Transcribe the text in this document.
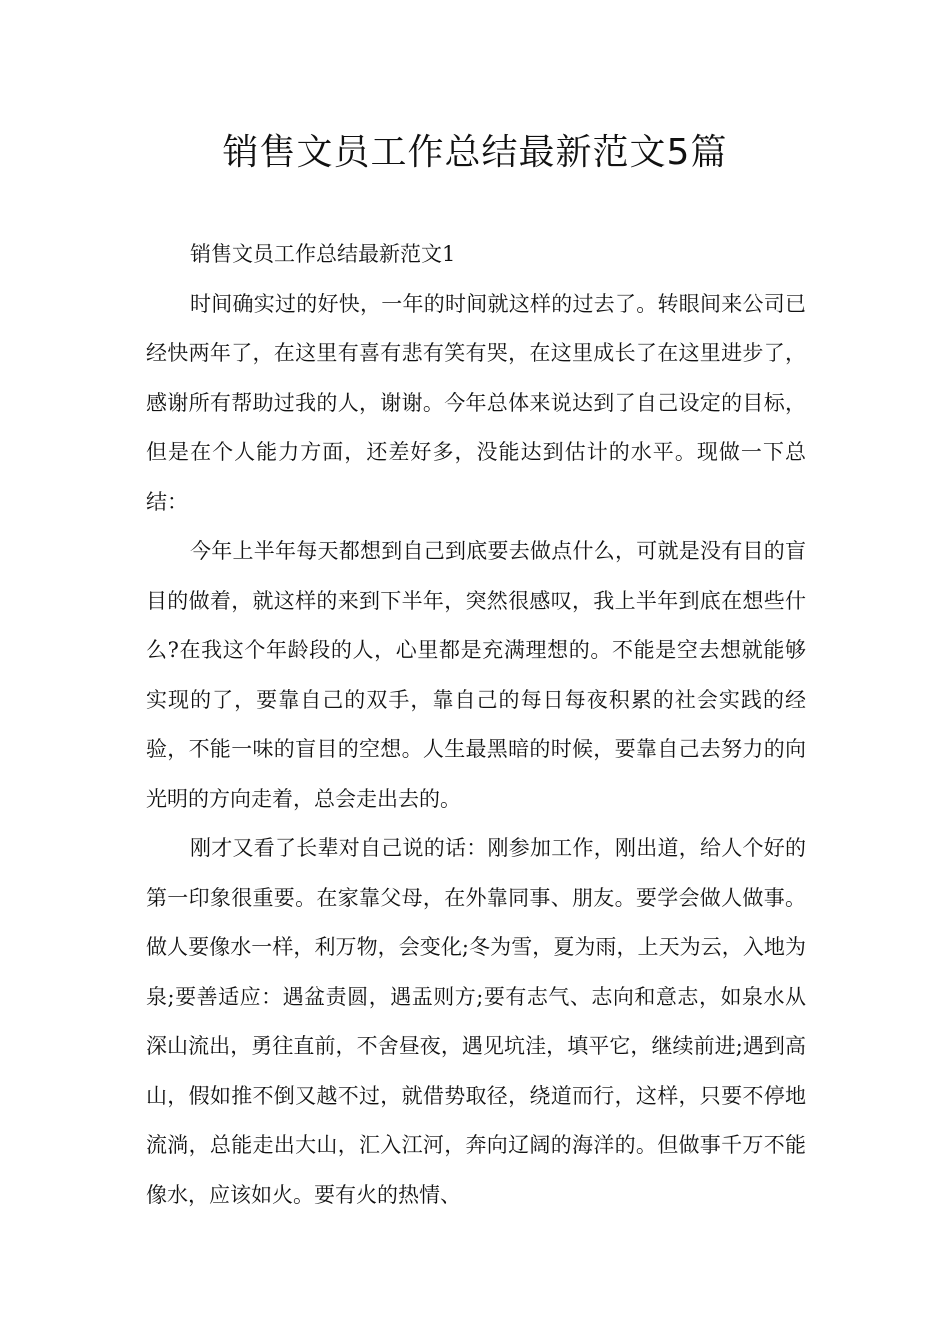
销售文员工作总结最新范文5篇

销售文员工作总结最新范文1

时间确实过的好快，一年的时间就这样的过去了。转眼间来公司已经快两年了，在这里有喜有悲有笑有哭，在这里成长了在这里进步了，感谢所有帮助过我的人，谢谢。今年总体来说达到了自己设定的目标，但是在个人能力方面，还差好多，没能达到估计的水平。现做一下总结：

今年上半年每天都想到自己到底要去做点什么，可就是没有目的盲目的做着，就这样的来到下半年，突然很感叹，我上半年到底在想些什么?在我这个年龄段的人，心里都是充满理想的。不能是空去想就能够实现的了，要靠自己的双手，靠自己的每日每夜积累的社会实践的经验，不能一味的盲目的空想。人生最黑暗的时候，要靠自己去努力的向光明的方向走着，总会走出去的。

刚才又看了长辈对自己说的话：刚参加工作，刚出道，给人个好的第一印象很重要。在家靠父母，在外靠同事、朋友。要学会做人做事。做人要像水一样，利万物，会变化;冬为雪，夏为雨，上天为云，入地为泉;要善适应：遇盆责圆，遇盂则方;要有志气、志向和意志，如泉水从深山流出，勇往直前，不舍昼夜，遇见坑洼，填平它，继续前进;遇到高山，假如推不倒又越不过，就借势取径，绕道而行，这样，只要不停地流淌，总能走出大山，汇入江河，奔向辽阔的海洋的。但做事千万不能像水，应该如火。要有火的热情、
